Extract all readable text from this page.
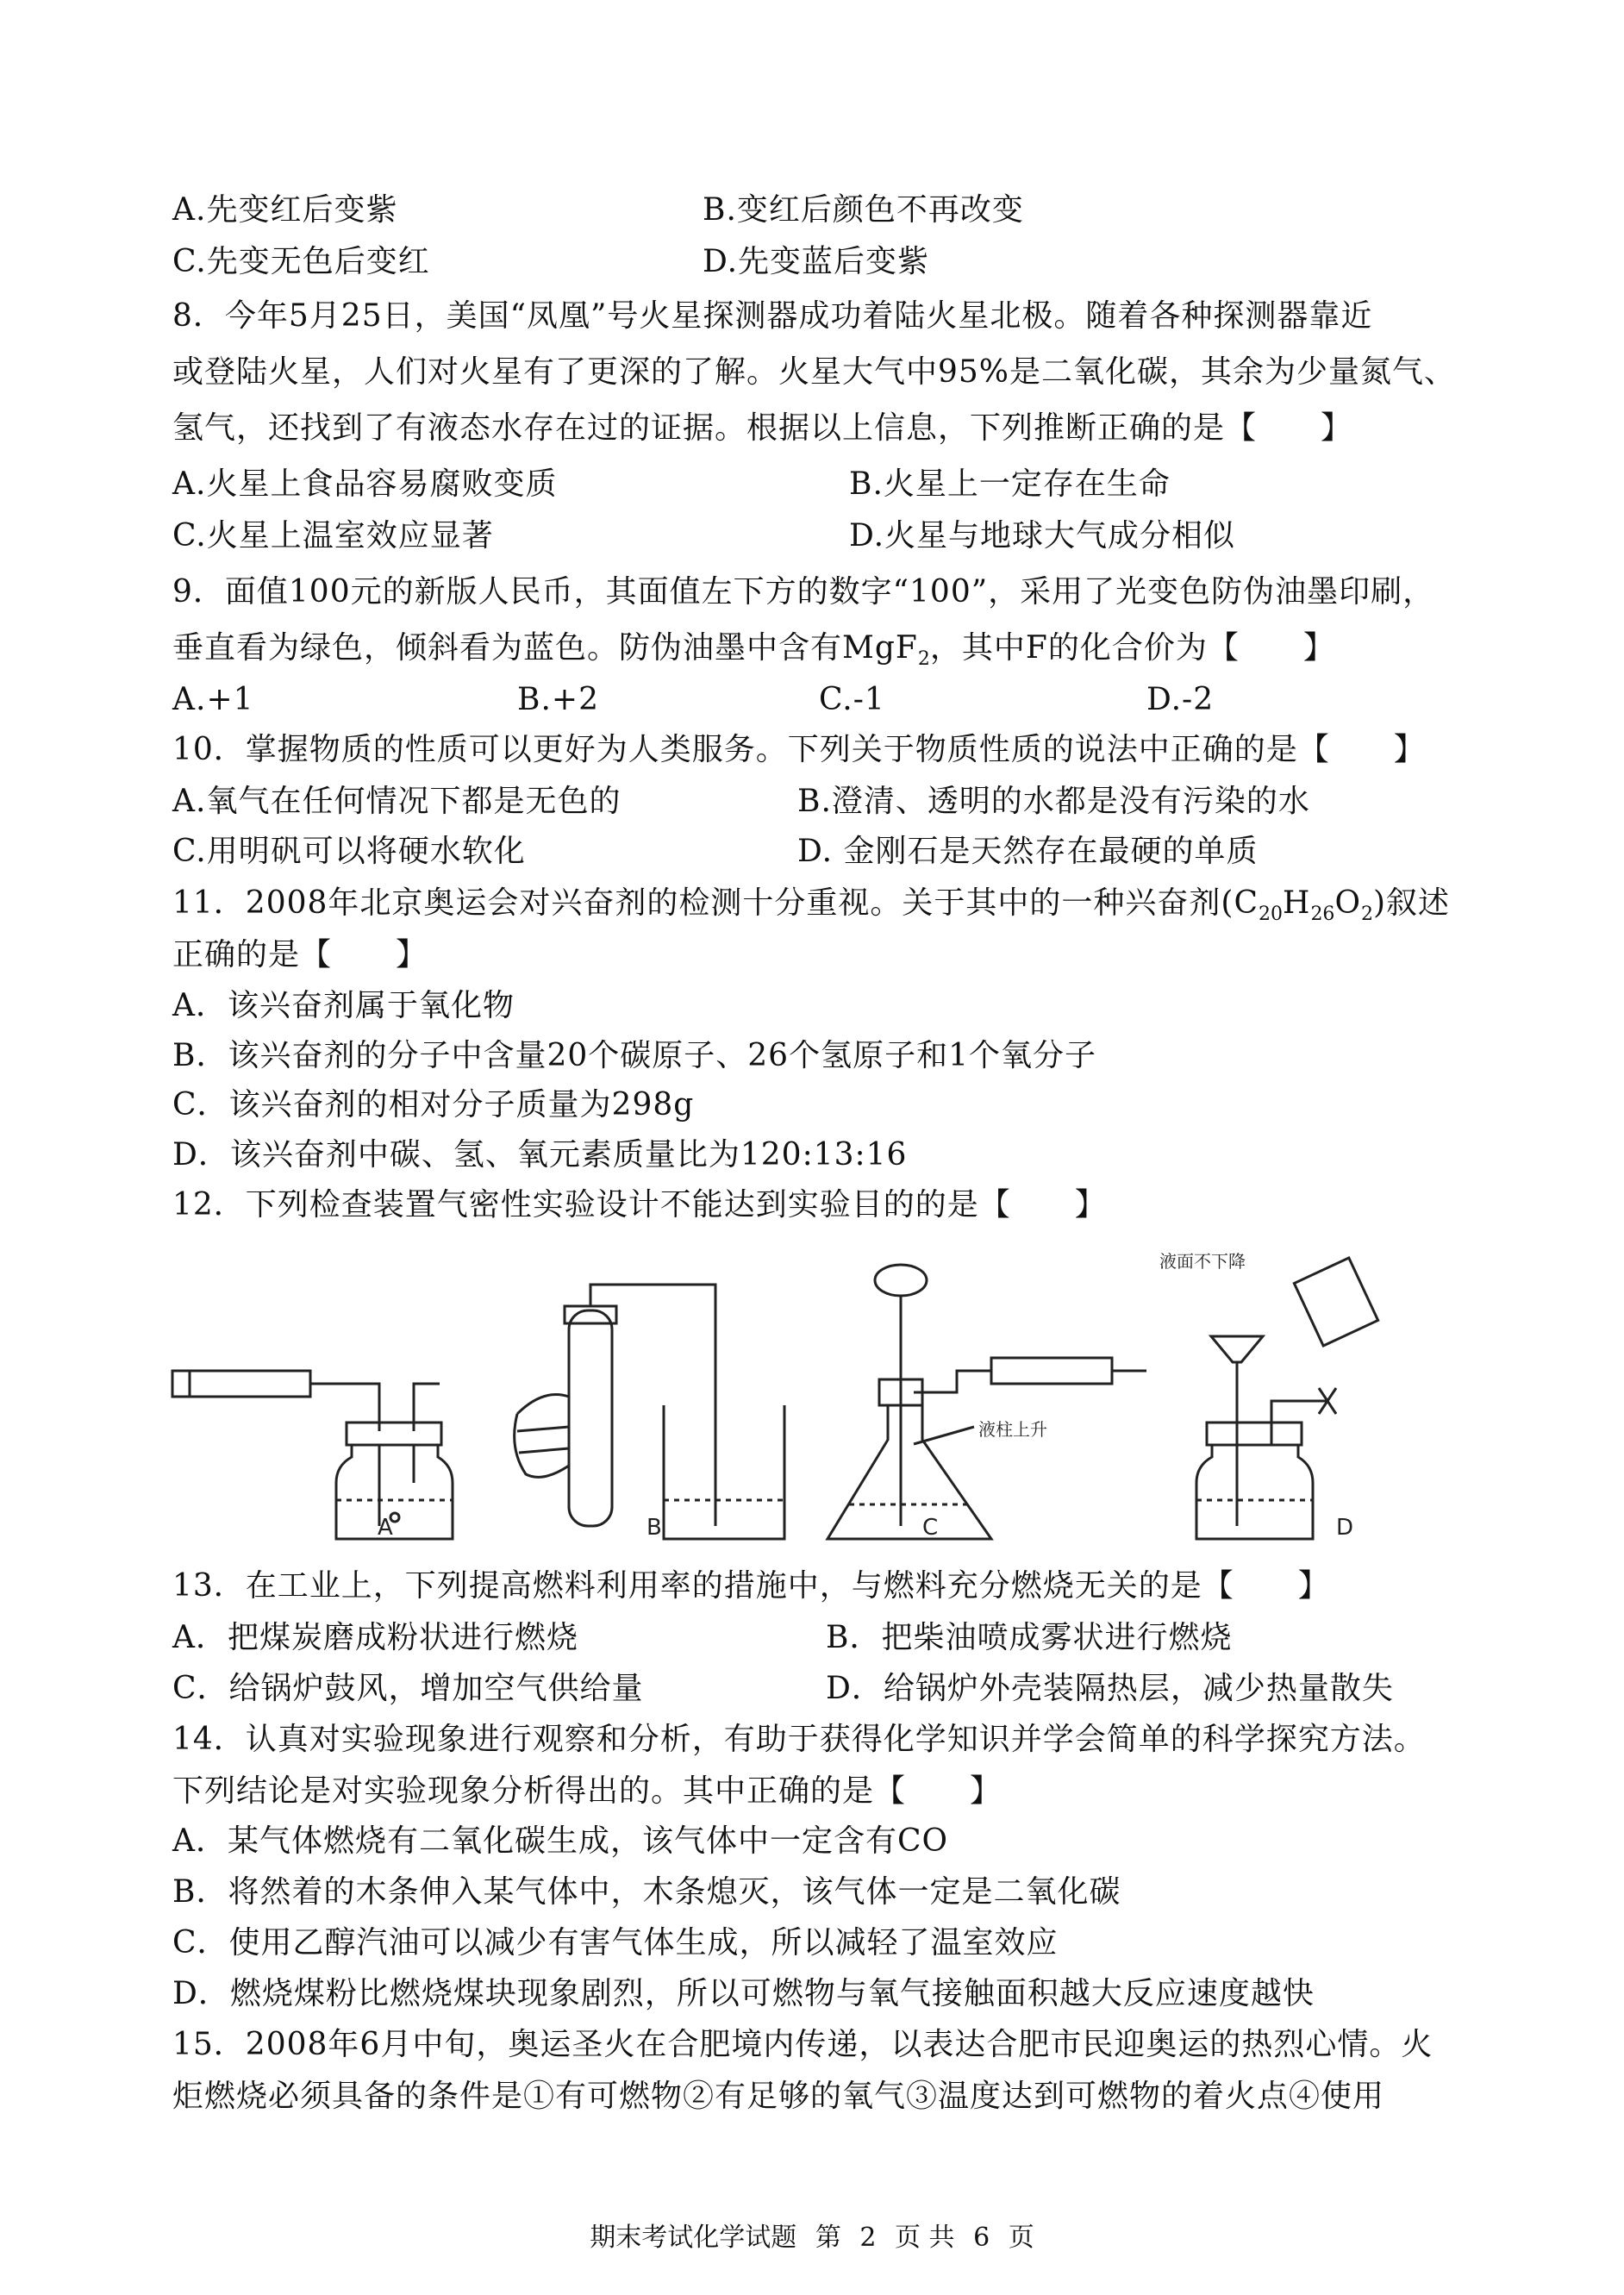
A.先变红后变紫	B.变红后颜色不再改变
C.先变无色后变红	D.先变蓝后变紫
8．今年5月25日，美国“凤凰”号火星探测器成功着陆火星北极。随着各种探测器靠近
或登陆火星，人们对火星有了更深的了解。火星大气中95%是二氧化碳，其余为少量氮气、
氢气，还找到了有液态水存在过的证据。根据以上信息，下列推断正确的是【　　】
A.火星上食品容易腐败变质	B.火星上一定存在生命
C.火星上温室效应显著	D.火星与地球大气成分相似
9．面值100元的新版人民币，其面值左下方的数字“100”，采用了光变色防伪油墨印刷，
垂直看为绿色，倾斜看为蓝色。防伪油墨中含有MgF$_2$，其中F的化合价为【　　】
A.+1	B.+2	C.-1	D.-2
10．掌握物质的性质可以更好为人类服务。下列关于物质性质的说法中正确的是【　　】
A.氧气在任何情况下都是无色的	B.澄清、透明的水都是没有污染的水
C.用明矾可以将硬水软化	D. 金刚石是天然存在最硬的单质
11．2008年北京奥运会对兴奋剂的检测十分重视。关于其中的一种兴奋剂$(C_{20}H_{26}O_2)$叙述
正确的是【　　】
A．该兴奋剂属于氧化物
B．该兴奋剂的分子中含量20个碳原子、26个氢原子和1个氧分子
C．该兴奋剂的相对分子质量为298g
D．该兴奋剂中碳、氢、氧元素质量比为120:13:16
12．下列检查装置气密性实验设计不能达到实验目的的是【　　】
A	B	C	D
液柱上升
液面不下降
13．在工业上，下列提高燃料利用率的措施中，与燃料充分燃烧无关的是【　　】
A．把煤炭磨成粉状进行燃烧	B．把柴油喷成雾状进行燃烧
C．给锅炉鼓风，增加空气供给量	D．给锅炉外壳装隔热层，减少热量散失
14．认真对实验现象进行观察和分析，有助于获得化学知识并学会简单的科学探究方法。
下列结论是对实验现象分析得出的。其中正确的是【　　】
A．某气体燃烧有二氧化碳生成，该气体中一定含有CO
B．将然着的木条伸入某气体中，木条熄灭，该气体一定是二氧化碳
C．使用乙醇汽油可以减少有害气体生成，所以减轻了温室效应
D．燃烧煤粉比燃烧煤块现象剧烈，所以可燃物与氧气接触面积越大反应速度越快
15．2008年6月中旬，奥运圣火在合肥境内传递，以表达合肥市民迎奥运的热烈心情。火
炬燃烧必须具备的条件是①有可燃物②有足够的氧气③温度达到可燃物的着火点④使用
期末考试化学试题 第 2 页 共 6 页
